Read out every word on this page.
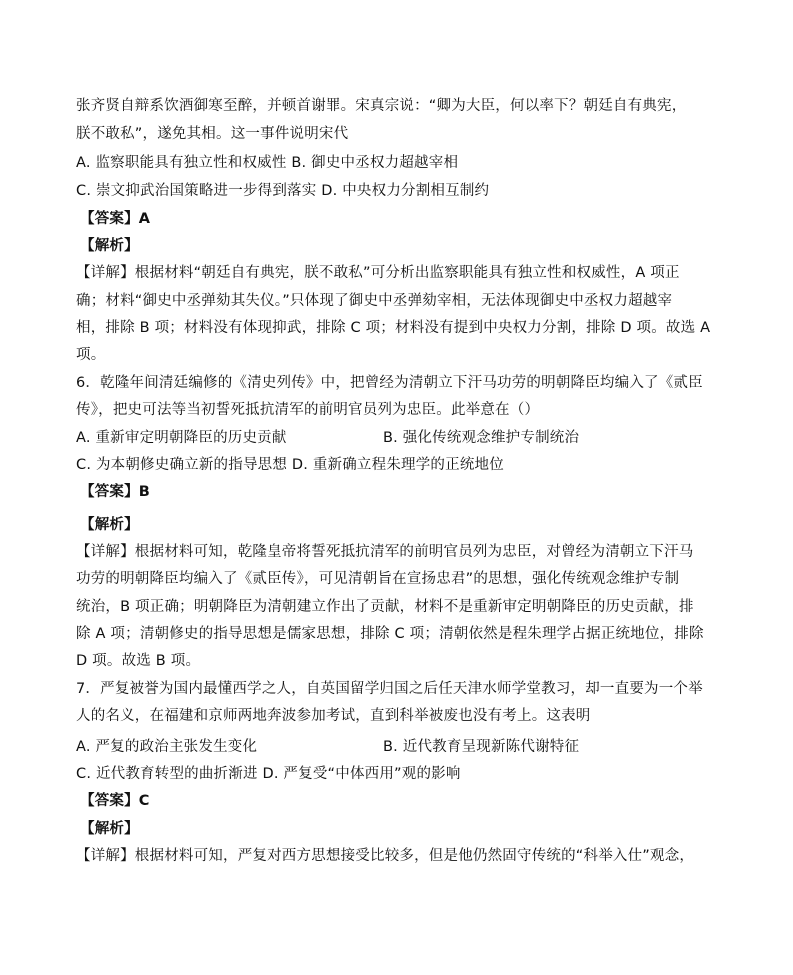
张齐贤自辩系饮酒御寒至醉，并顿首谢罪。宋真宗说：“卿为大臣，何以率下？朝廷自有典宪，
朕不敢私”，遂免其相。这一事件说明宋代
A. 监察职能具有独立性和权威性 B. 御史中丞权力超越宰相
C. 崇文抑武治国策略进一步得到落实 D. 中央权力分割相互制约
【答案】A
【解析】
【详解】根据材料“朝廷自有典宪，朕不敢私”可分析出监察职能具有独立性和权威性，A 项正
确；材料“御史中丞弹劾其失仪。”只体现了御史中丞弹劾宰相，无法体现御史中丞权力超越宰
相，排除 B 项；材料没有体现抑武，排除 C 项；材料没有提到中央权力分割，排除 D 项。故选 A
项。
6．乾隆年间清廷编修的《清史列传》中，把曾经为清朝立下汗马功劳的明朝降臣均编入了《贰臣
传》，把史可法等当初誓死抵抗清军的前明官员列为忠臣。此举意在（）
A. 重新审定明朝降臣的历史贡献	B. 强化传统观念维护专制统治
C. 为本朝修史确立新的指导思想 D. 重新确立程朱理学的正统地位
【答案】B
【解析】
【详解】根据材料可知，乾隆皇帝将誓死抵抗清军的前明官员列为忠臣，对曾经为清朝立下汗马
功劳的明朝降臣均编入了《贰臣传》，可见清朝旨在宣扬忠君”的思想，强化传统观念维护专制
统治，B 项正确；明朝降臣为清朝建立作出了贡献，材料不是重新审定明朝降臣的历史贡献，排
除 A 项；清朝修史的指导思想是儒家思想，排除 C 项；清朝依然是程朱理学占据正统地位，排除
D 项。故选 B 项。
7．严复被誉为国内最懂西学之人，自英国留学归国之后任天津水师学堂教习，却一直要为一个举
人的名义，在福建和京师两地奔波参加考试，直到科举被废也没有考上。这表明
A. 严复的政治主张发生变化	B. 近代教育呈现新陈代谢特征
C. 近代教育转型的曲折渐进 D. 严复受“中体西用”观的影响
【答案】C
【解析】
【详解】根据材料可知，严复对西方思想接受比较多，但是他仍然固守传统的“科举入仕”观念，
